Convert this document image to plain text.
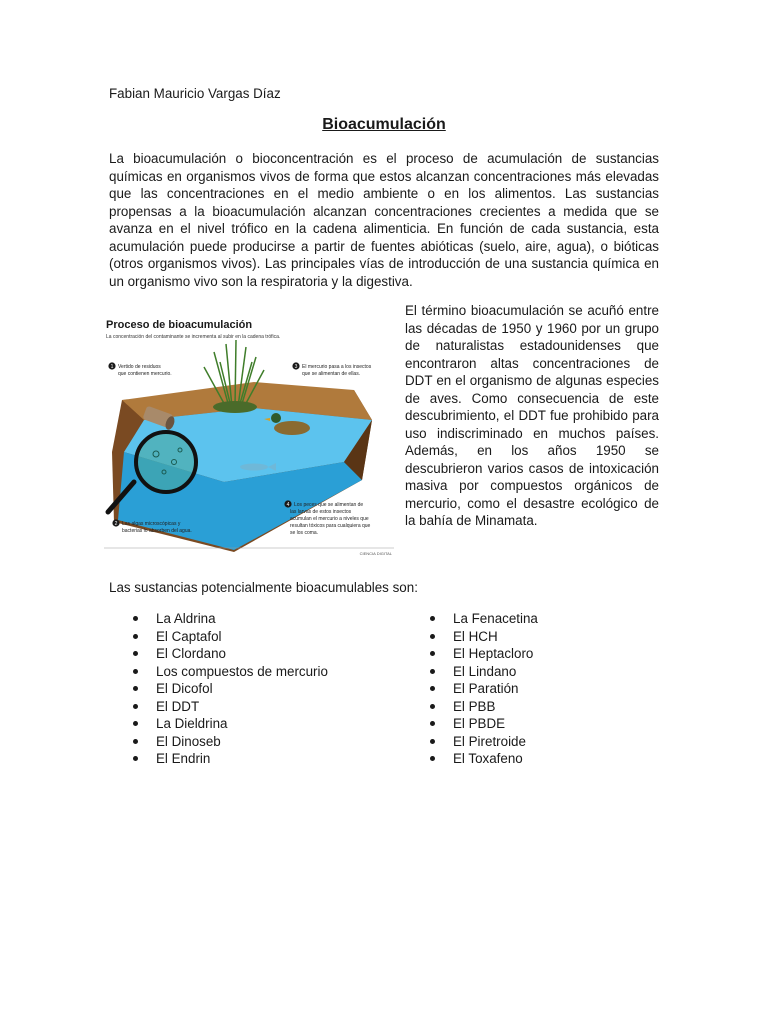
Fabian Mauricio Vargas Díaz
Bioacumulación

La bioacumulación o bioconcentración es el proceso de acumulación de sustancias químicas en organismos vivos de forma que estos alcanzan concentraciones más elevadas que las concentraciones en el medio ambiente o en los alimentos. Las sustancias propensas a la bioacumulación alcanzan concentraciones crecientes a medida que se avanza en el nivel trófico en la cadena alimenticia. En función de cada sustancia, esta acumulación puede producirse a partir de fuentes abióticas (suelo, aire, agua), o bióticas (otros organismos vivos). Las principales vías de introducción de una sustancia química en un organismo vivo son la respiratoria y la digestiva.

Proceso de bioacumulación
La concentración del contaminante se incrementa al subir en la cadena trófica.
1 Vertido de residuos
que contienen mercurio.
3 El mercurio pasa a los insectos
que se alimentan de ellas.
2 Las algas microscópicas y
bacterias lo absorben del agua.
4 Los peces que se alimentan de
las larvas de estos insectos
acumulan el mercurio a niveles que
resultan tóxicos para cualquiera que
se los coma.
CIENCIA DIGITAL

El término bioacumulación se acuñó entre las décadas de 1950 y 1960 por un grupo de naturalistas estadounidenses que encontraron altas concentraciones de DDT en el organismo de algunas especies de aves. Como consecuencia de este descubrimiento, el DDT fue prohibido para uso indiscriminado en muchos países. Además, en los años 1950 se descubrieron varios casos de intoxicación masiva por compuestos orgánicos de mercurio, como el desastre ecológico de la bahía de Minamata.

Las sustancias potencialmente bioacumulables son:

La Aldrina
El Captafol
El Clordano
Los compuestos de mercurio
El Dicofol
El DDT
La Dieldrina
El Dinoseb
El Endrin
La Fenacetina
El HCH
El Heptacloro
El Lindano
El Paratión
El PBB
El PBDE
El Piretroide
El Toxafeno
